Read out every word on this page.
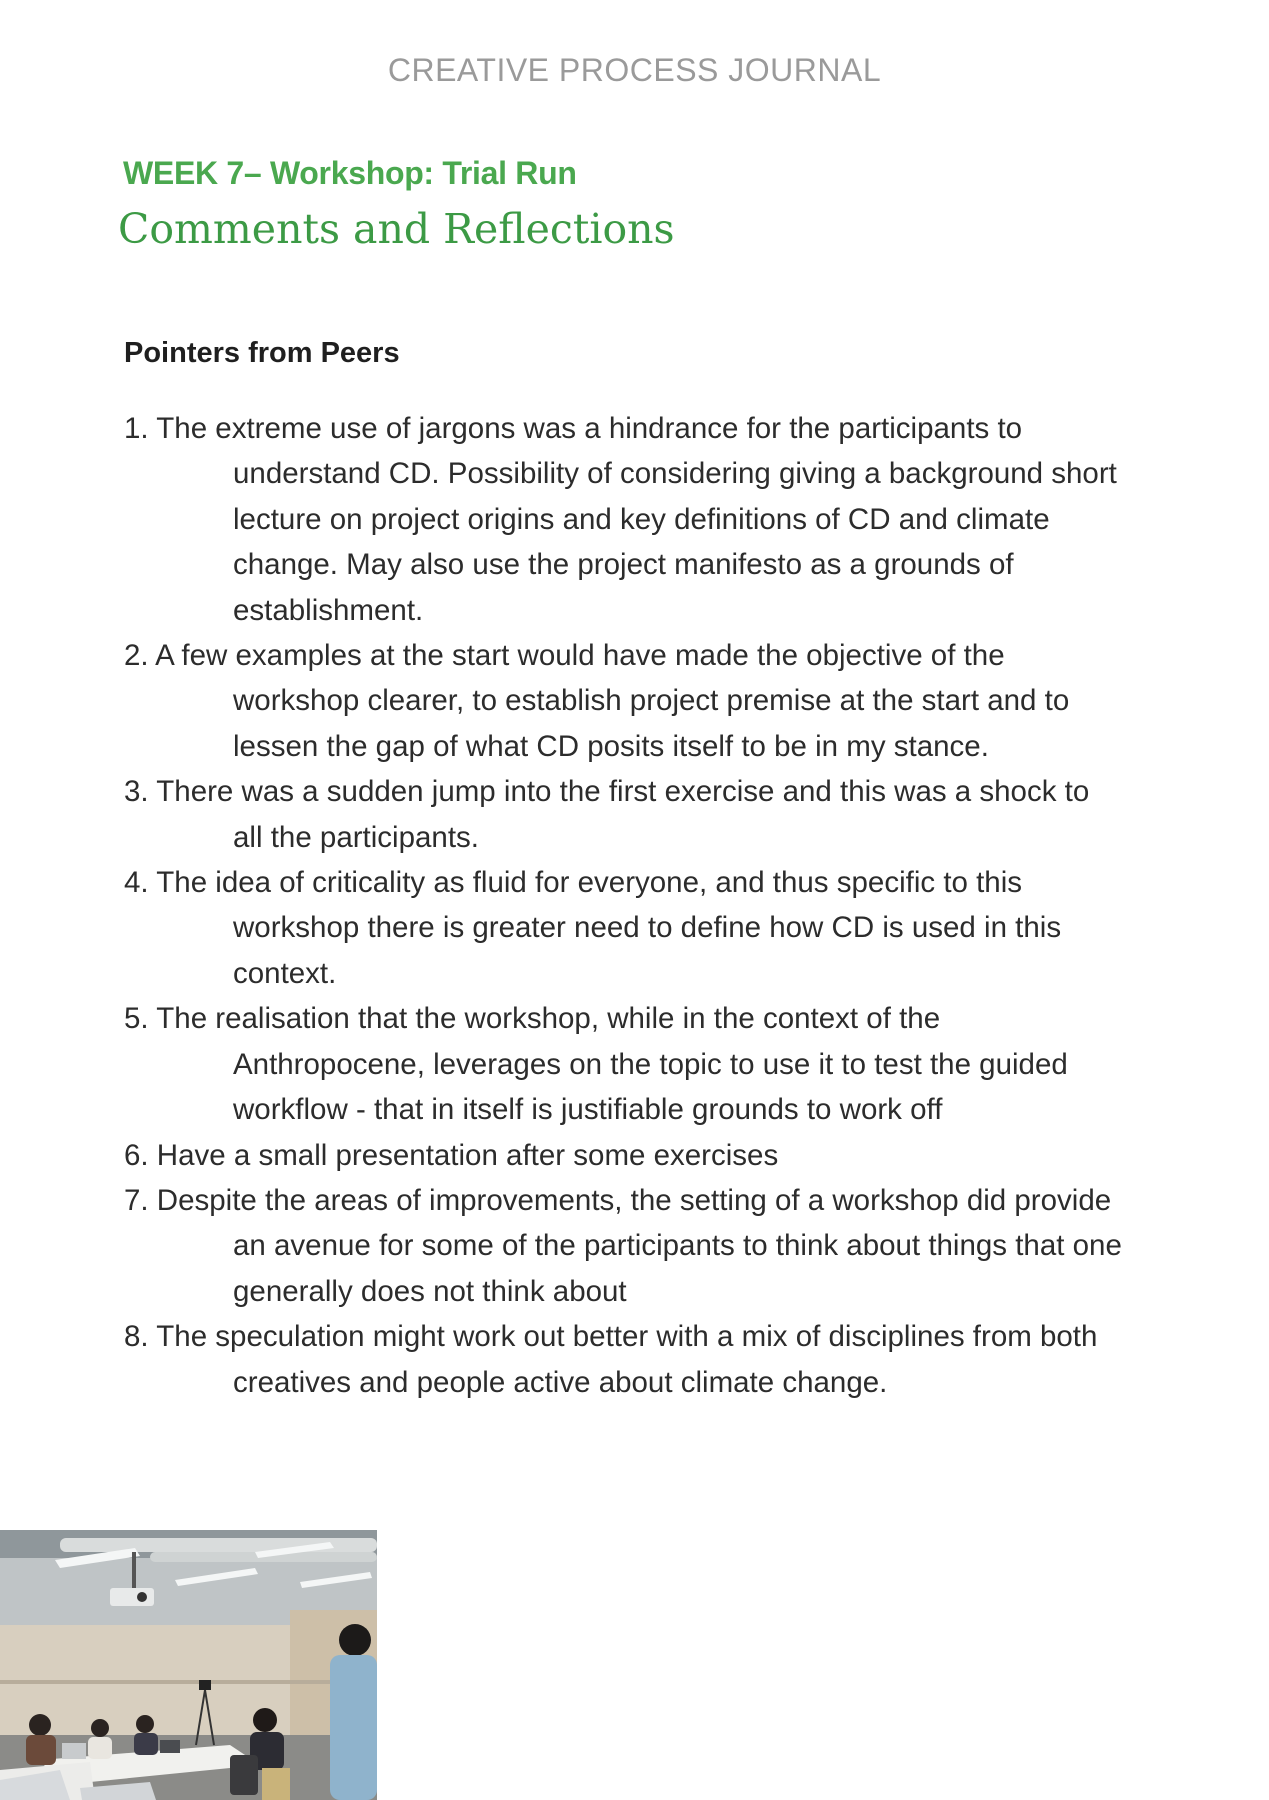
CREATIVE PROCESS JOURNAL
WEEK 7– Workshop: Trial Run
Comments and Reflections
Pointers from Peers
1. The extreme use of jargons was a hindrance for the participants to understand CD. Possibility of considering giving a background short lecture on project origins and key definitions of CD and climate change. May also use the project manifesto as a grounds of establishment.
2. A few examples at the start would have made the objective of the workshop clearer, to establish project premise at the start and to lessen the gap of what CD posits itself to be in my stance.
3. There was a sudden jump into the first exercise and this was a shock to all the participants.
4. The idea of criticality as fluid for everyone, and thus specific to this workshop there is greater need to define how CD is used in this context.
5. The realisation that the workshop, while in the context of the Anthropocene, leverages on the topic to use it to test the guided workflow - that in itself is justifiable grounds to work off
6. Have a small presentation after some exercises
7. Despite the areas of improvements, the setting of a workshop did provide an avenue for some of the participants to think about things that one generally does not think about
8. The speculation might work out better with a mix of disciplines from both creatives and people active about climate change.
